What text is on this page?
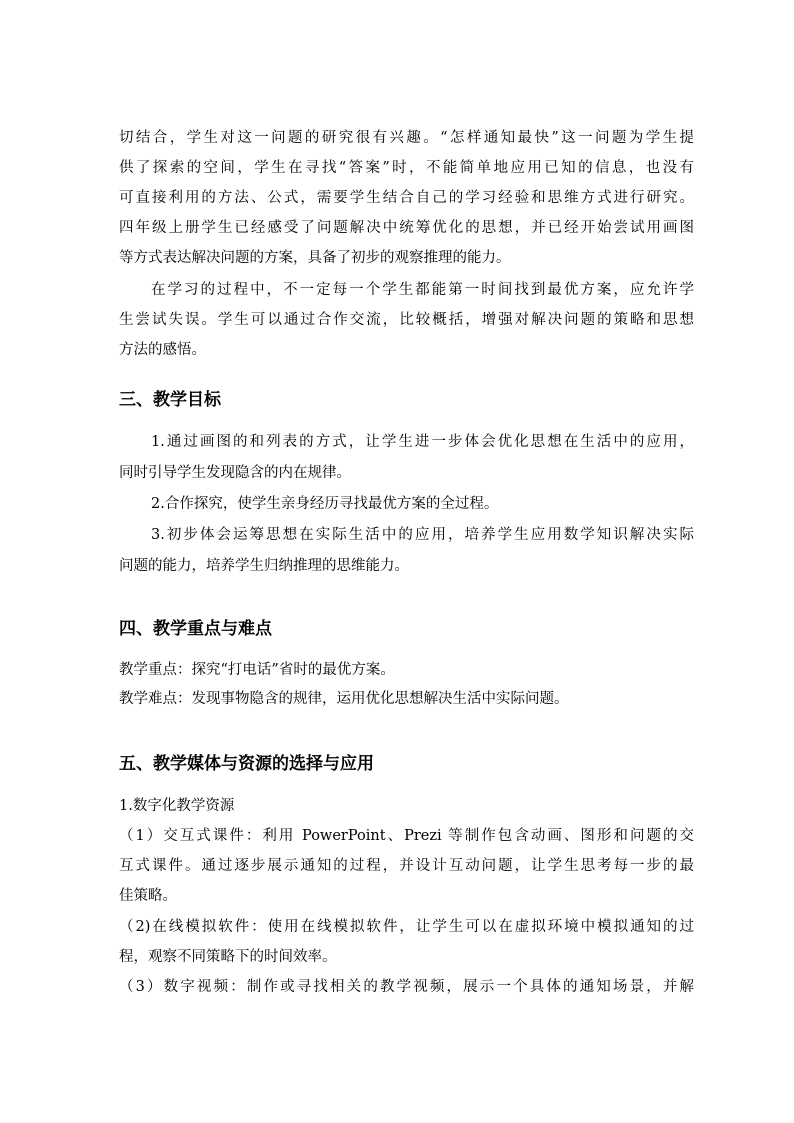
切结合，学生对这一问题的研究很有兴趣。“怎样通知最快”这一问题为学生提
供了探索的空间，学生在寻找“答案”时，不能简单地应用已知的信息，也没有
可直接利用的方法、公式，需要学生结合自己的学习经验和思维方式进行研究。
四年级上册学生已经感受了问题解决中统筹优化的思想，并已经开始尝试用画图
等方式表达解决问题的方案，具备了初步的观察推理的能力。
在学习的过程中，不一定每一个学生都能第一时间找到最优方案，应允许学
生尝试失误。学生可以通过合作交流，比较概括，增强对解决问题的策略和思想
方法的感悟。
三、教学目标
1.通过画图的和列表的方式，让学生进一步体会优化思想在生活中的应用，
同时引导学生发现隐含的内在规律。
2.合作探究，使学生亲身经历寻找最优方案的全过程。
3.初步体会运筹思想在实际生活中的应用，培养学生应用数学知识解决实际
问题的能力，培养学生归纳推理的思维能力。
四、教学重点与难点
教学重点：探究“打电话”省时的最优方案。
教学难点：发现事物隐含的规律，运用优化思想解决生活中实际问题。
五、教学媒体与资源的选择与应用
1.数字化教学资源
（1）交互式课件：利用 PowerPoint、Prezi 等制作包含动画、图形和问题的交
互式课件。通过逐步展示通知的过程，并设计互动问题，让学生思考每一步的最
佳策略。
（2)在线模拟软件：使用在线模拟软件，让学生可以在虚拟环境中模拟通知的过
程，观察不同策略下的时间效率。
（3）数字视频：制作或寻找相关的教学视频，展示一个具体的通知场景，并解
